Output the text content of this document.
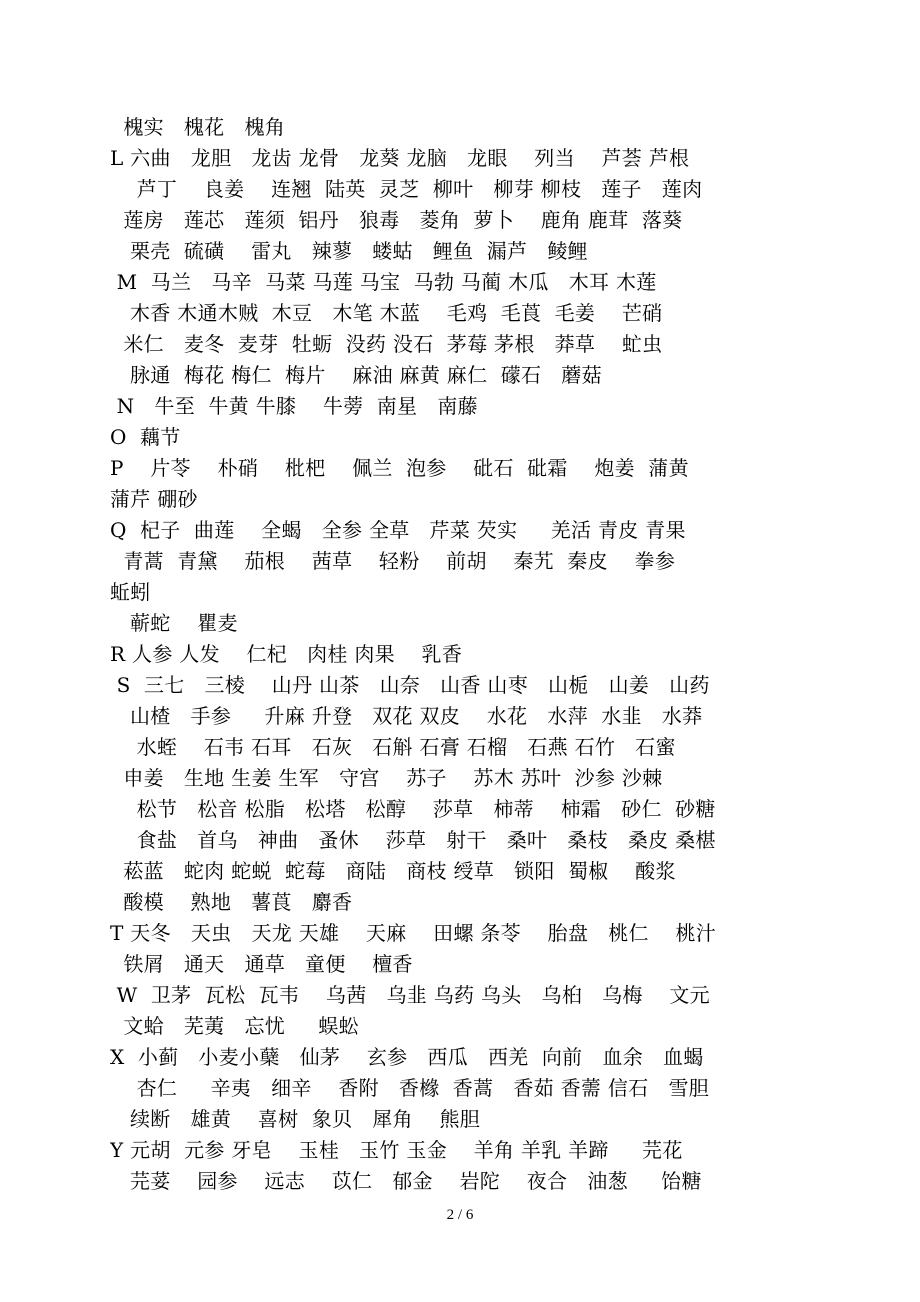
槐实   槐花   槐角
L 六曲   龙胆   龙齿 龙骨   龙葵 龙脑   龙眼    列当    芦荟 芦根
芦丁    良姜    连翘  陆英  灵芝  柳叶   柳芽 柳枝   莲子   莲肉
莲房   莲芯   莲须  铝丹   狼毒   菱角  萝卜    鹿角 鹿茸  落葵
栗壳  硫磺    雷丸   辣蓼   蝼蛄   鲤鱼  漏芦   鲮鲤
M  马兰   马辛  马菜 马莲 马宝  马勃 马蔺 木瓜   木耳 木莲
木香 木通木贼  木豆   木笔 木蓝    毛鸡  毛莨  毛姜    芒硝
米仁   麦冬  麦芽  牡蛎  没药 没石  茅莓 茅根   莽草    虻虫
脉通  梅花 梅仁  梅片    麻油 麻黄 麻仁  礞石   蘑菇
N   牛至  牛黄 牛膝    牛蒡  南星   南藤
O  藕节
P    片苓    朴硝    枇杷    佩兰  泡参    砒石  砒霜    炮姜  蒲黄
蒲芹 硼砂
Q  杞子  曲莲    全蝎   全参 全草   芹菜 芡实     羌活 青皮 青果
青蒿  青黛    茄根    茜草    轻粉    前胡    秦艽  秦皮    拳参
蚯蚓
蕲蛇    瞿麦
R 人参 人发    仁杞   肉桂 肉果    乳香
S  三七   三棱    山丹 山茶   山奈   山香 山枣   山栀   山姜   山药
山楂   手参     升麻 升登   双花 双皮    水花   水萍  水韭   水莽
水蛭    石韦 石耳   石灰   石斛 石膏 石榴   石燕 石竹   石蜜
申姜   生地 生姜 生军   守宫    苏子    苏木 苏叶  沙参 沙棘
松节   松音 松脂   松塔   松醇    莎草   柿蒂    柿霜   砂仁  砂糖
食盐   首乌   神曲   蚤休    莎草   射干   桑叶   桑枝   桑皮 桑椹
菘蓝   蛇肉 蛇蜕  蛇莓   商陆   商枝 绶草   锁阳  蜀椒    酸浆
酸模    熟地   薯莨   麝香
T 天冬   天虫   天龙 天雄    天麻    田螺 条苓    胎盘   桃仁    桃汁
铁屑   通天   通草   童便    檀香
W  卫茅  瓦松  瓦韦    乌茜   乌韭 乌药 乌头   乌桕   乌梅    文元
文蛤   芜荑   忘忧     蜈蚣
X  小蓟   小麦小蘖   仙茅    玄参   西瓜   西羌  向前   血余   血蝎
杏仁     辛夷   细辛    香附   香橼  香蒿   香茹 香薷 信石   雪胆
续断   雄黄    喜树  象贝   犀角    熊胆
Y 元胡  元参 牙皂    玉桂   玉竹 玉金    羊角 羊乳 羊蹄     芫花
芫荽    园参    远志    苡仁   郁金    岩陀    夜合   油葱     饴糖
2 / 6
